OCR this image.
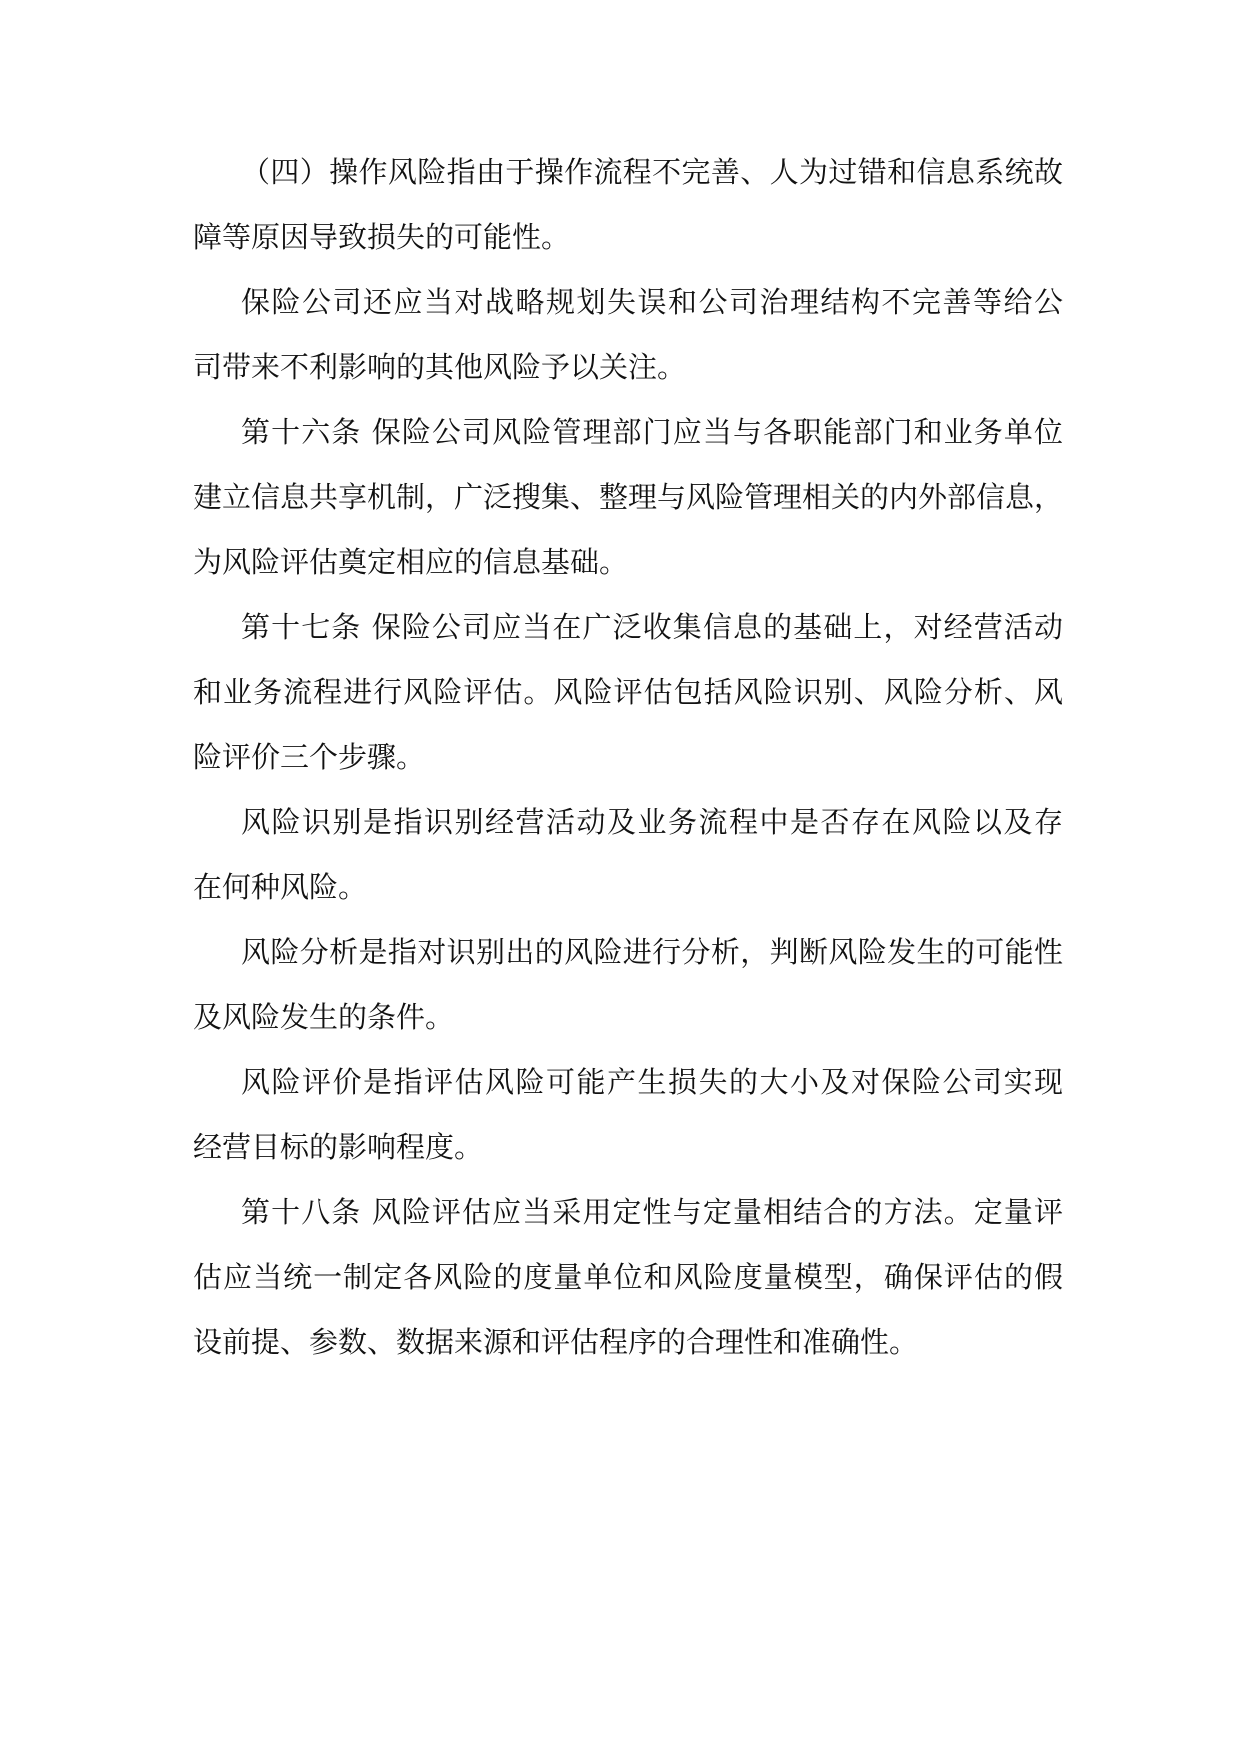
（四）操作风险指由于操作流程不完善、人为过错和信息系统故
障等原因导致损失的可能性。
保险公司还应当对战略规划失误和公司治理结构不完善等给公
司带来不利影响的其他风险予以关注。
第十六条 保险公司风险管理部门应当与各职能部门和业务单位
建立信息共享机制，广泛搜集、整理与风险管理相关的内外部信息，
为风险评估奠定相应的信息基础。
第十七条 保险公司应当在广泛收集信息的基础上，对经营活动
和业务流程进行风险评估。风险评估包括风险识别、风险分析、风
险评价三个步骤。
风险识别是指识别经营活动及业务流程中是否存在风险以及存
在何种风险。
风险分析是指对识别出的风险进行分析，判断风险发生的可能性
及风险发生的条件。
风险评价是指评估风险可能产生损失的大小及对保险公司实现
经营目标的影响程度。
第十八条 风险评估应当采用定性与定量相结合的方法。定量评
估应当统一制定各风险的度量单位和风险度量模型，确保评估的假
设前提、参数、数据来源和评估程序的合理性和准确性。
